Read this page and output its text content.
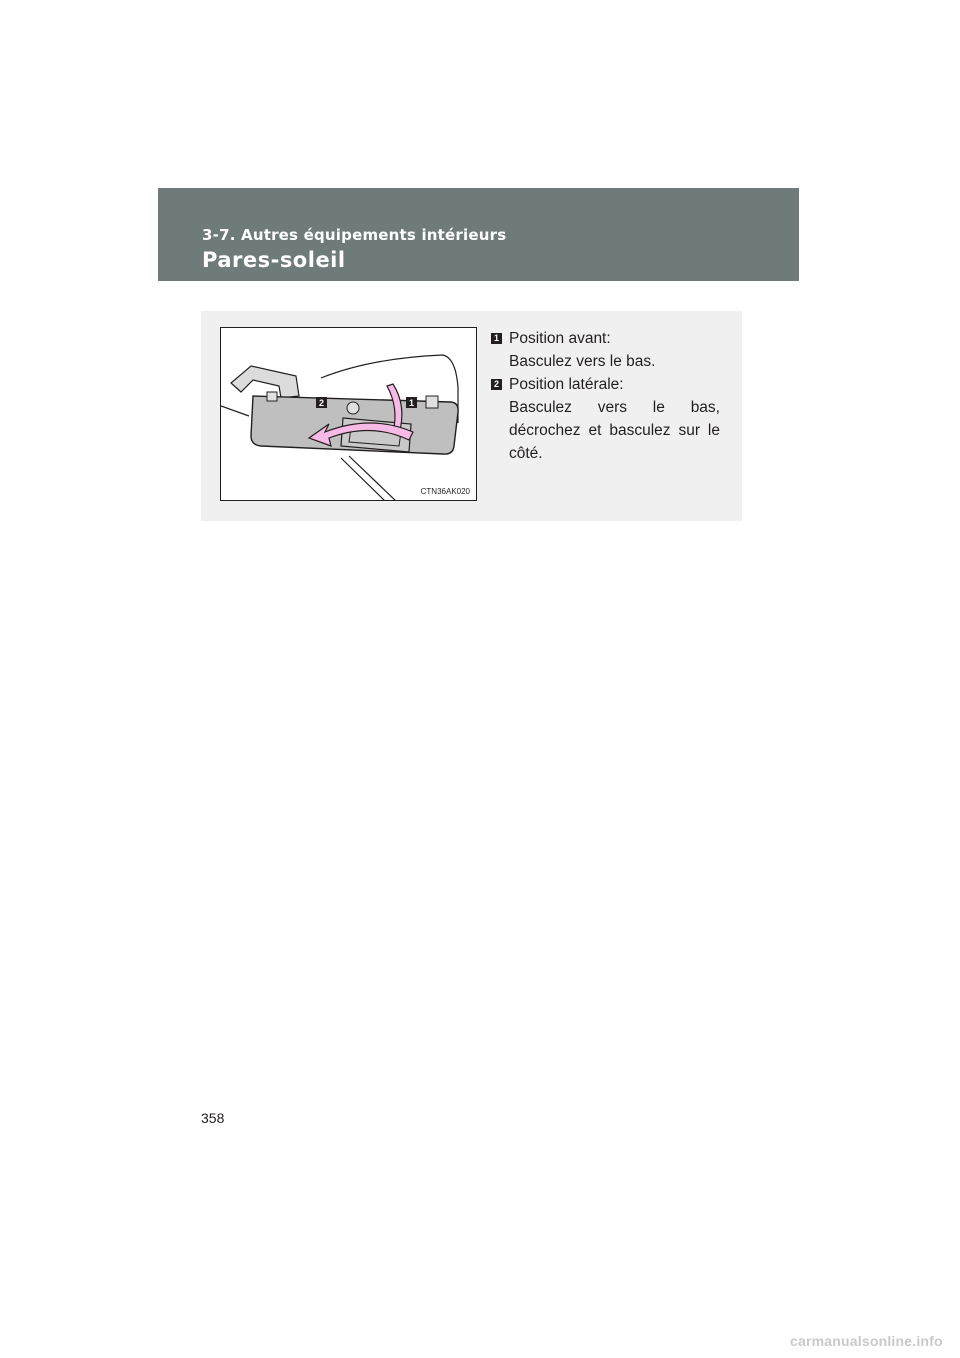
3-7. Autres équipements intérieurs
Pares-soleil
2	1
CTN36AK020
1 Position avant:
Basculez vers le bas.
2 Position latérale:
Basculez vers le bas, décrochez et basculez sur le côté.
358
carmanualsonline.info
